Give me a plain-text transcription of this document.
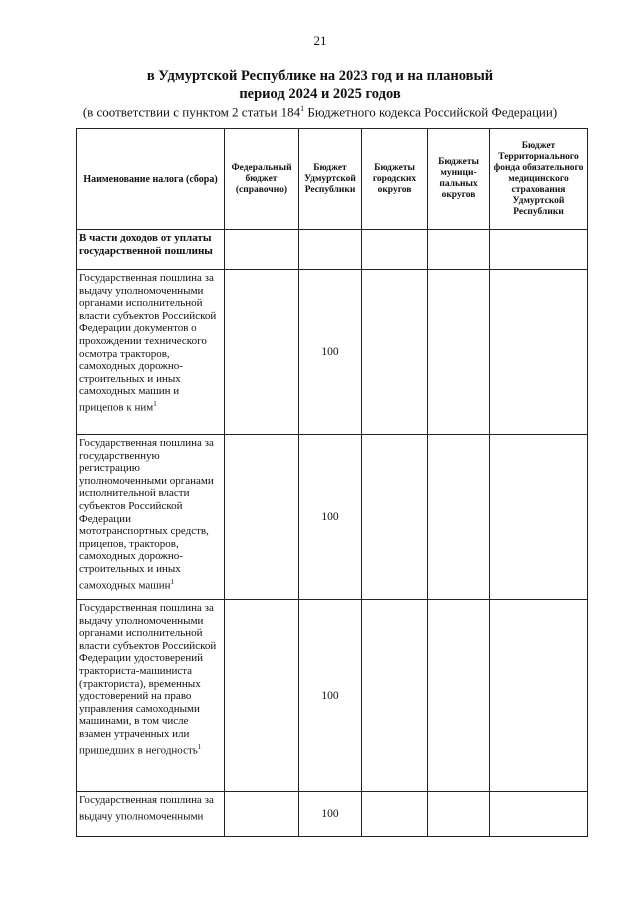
21
в Удмуртской Республике на 2023 год и на плановый
период 2024 и 2025 годов
(в соответствии с пунктом 2 статьи $184^1$ Бюджетного кодекса Российской Федерации)
Наименование налога (сбора)	Федеральный бюджет (справочно)	Бюджет Удмуртской Республики	Бюджеты городских округов	Бюджеты муници-пальных округов	Бюджет Территориального фонда обязательного медицинского страхования Удмуртской Республики
В части доходов от уплаты государственной пошлины					
Государственная пошлина за выдачу уполномоченными органами исполнительной власти субъектов Российской Федерации документов о прохождении технического осмотра тракторов, самоходных дорожно-строительных и иных самоходных машин и прицепов к ним$^1$		100			
Государственная пошлина за государственную регистрацию уполномоченными органами исполнительной власти субъектов Российской Федерации мототранспортных средств, прицепов, тракторов, самоходных дорожно-строительных и иных самоходных машин$^1$		100			
Государственная пошлина за выдачу уполномоченными органами исполнительной власти субъектов Российской Федерации удостоверений тракториста-машиниста (тракториста), временных удостоверений на право управления самоходными машинами, в том числе взамен утраченных или пришедших в негодность$^1$		100			
Государственная пошлина за выдачу уполномоченными		100			
